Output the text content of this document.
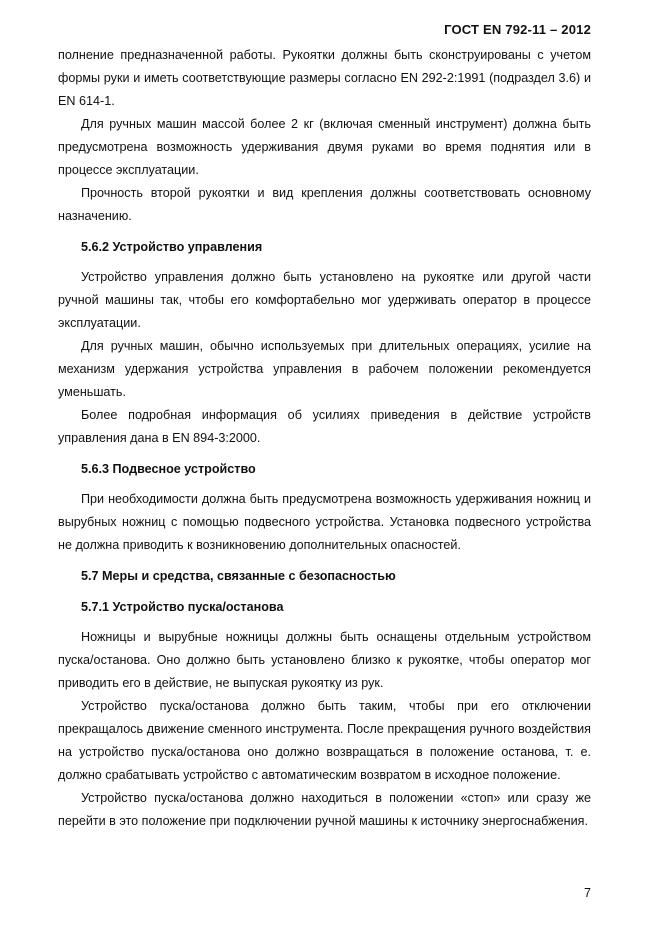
ГОСТ EN 792-11 – 2012

полнение предназначенной работы. Рукоятки должны быть сконструированы с учетом формы руки и иметь соответствующие размеры согласно EN 292-2:1991 (подраздел 3.6) и EN 614-1.

Для ручных машин массой более 2 кг (включая сменный инструмент) должна быть предусмотрена возможность удерживания двумя руками во время поднятия или в процессе эксплуатации.

Прочность второй рукоятки и вид крепления должны соответствовать основному назначению.

5.6.2 Устройство управления

Устройство управления должно быть установлено на рукоятке или другой части ручной машины так, чтобы его комфортабельно мог удерживать оператор в процессе эксплуатации.

Для ручных машин, обычно используемых при длительных операциях, усилие на механизм удержания устройства управления в рабочем положении рекомендуется уменьшать.

Более подробная информация об усилиях приведения в действие устройств управления дана в EN 894-3:2000.

5.6.3 Подвесное устройство

При необходимости должна быть предусмотрена возможность удерживания ножниц и вырубных ножниц с помощью подвесного устройства. Установка подвесного устройства не должна приводить к возникновению дополнительных опасностей.

5.7 Меры и средства, связанные с безопасностью
5.7.1 Устройство пуска/останова

Ножницы и вырубные ножницы должны быть оснащены отдельным устройством пуска/останова. Оно должно быть установлено близко к рукоятке, чтобы оператор мог приводить его в действие, не выпуская рукоятку из рук.

Устройство пуска/останова должно быть таким, чтобы при его отключении прекращалось движение сменного инструмента. После прекращения ручного воздействия на устройство пуска/останова оно должно возвращаться в положение останова, т. е. должно срабатывать устройство с автоматическим возвратом в исходное положение.

Устройство пуска/останова должно находиться в положении «стоп» или сразу же перейти в это положение при подключении ручной машины к источнику энергоснабжения.

7
